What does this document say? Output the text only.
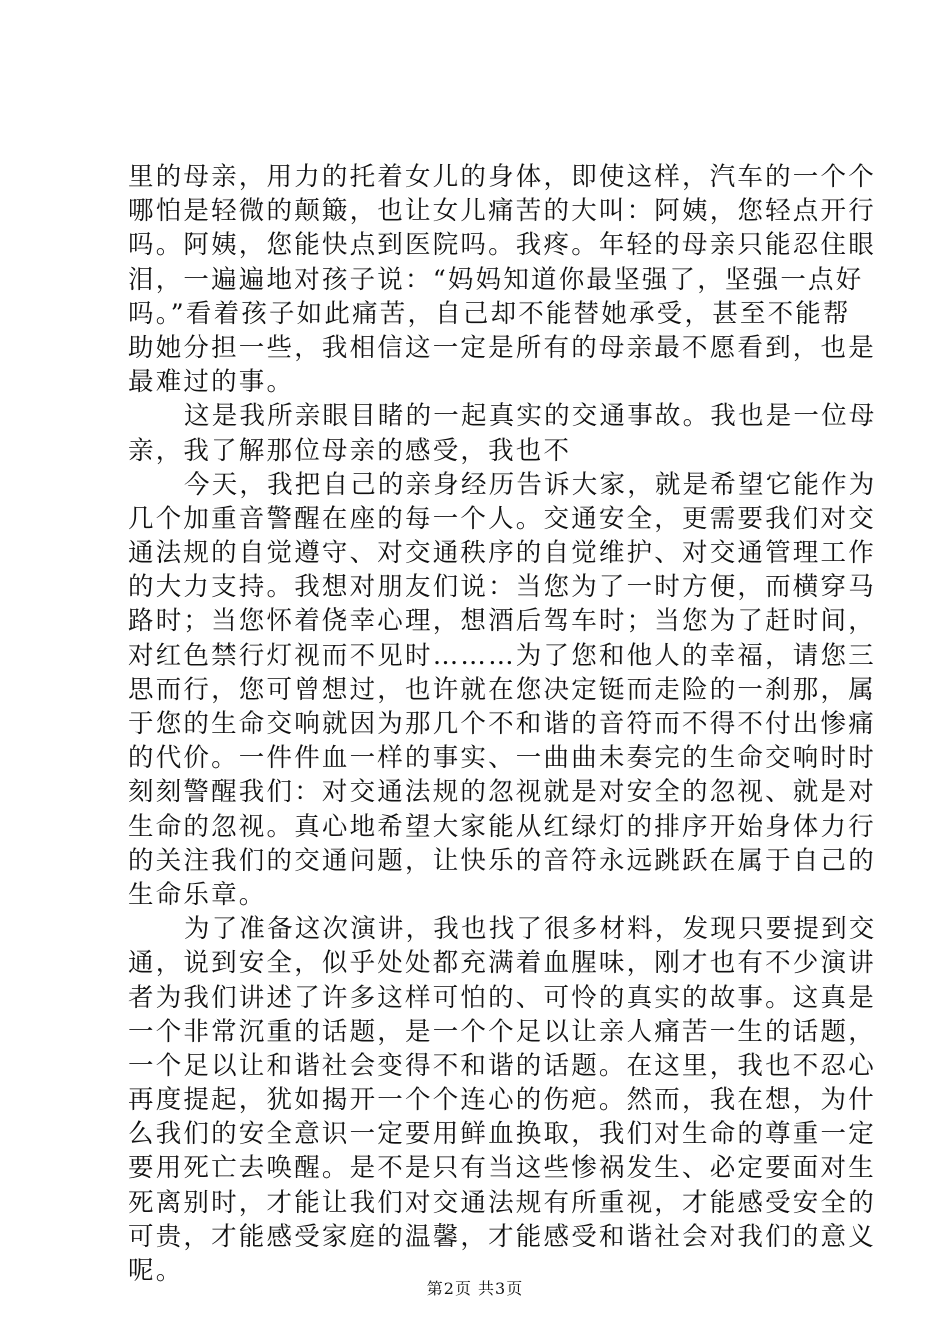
里的母亲，用力的托着女儿的身体，即使这样，汽车的一个个
哪怕是轻微的颠簸，也让女儿痛苦的大叫：阿姨，您轻点开行
吗。阿姨，您能快点到医院吗。我疼。年轻的母亲只能忍住眼
泪，一遍遍地对孩子说：“妈妈知道你最坚强了，坚强一点好
吗。”看着孩子如此痛苦，自己却不能替她承受，甚至不能帮
助她分担一些，我相信这一定是所有的母亲最不愿看到，也是
最难过的事。
这是我所亲眼目睹的一起真实的交通事故。我也是一位母
亲，我了解那位母亲的感受，我也不
今天，我把自己的亲身经历告诉大家，就是希望它能作为
几个加重音警醒在座的每一个人。交通安全，更需要我们对交
通法规的自觉遵守、对交通秩序的自觉维护、对交通管理工作
的大力支持。我想对朋友们说：当您为了一时方便，而横穿马
路时；当您怀着侥幸心理，想酒后驾车时；当您为了赶时间，
对红色禁行灯视而不见时………为了您和他人的幸福，请您三
思而行，您可曾想过，也许就在您决定铤而走险的一刹那，属
于您的生命交响就因为那几个不和谐的音符而不得不付出惨痛
的代价。一件件血一样的事实、一曲曲未奏完的生命交响时时
刻刻警醒我们：对交通法规的忽视就是对安全的忽视、就是对
生命的忽视。真心地希望大家能从红绿灯的排序开始身体力行
的关注我们的交通问题，让快乐的音符永远跳跃在属于自己的
生命乐章。
为了准备这次演讲，我也找了很多材料，发现只要提到交
通，说到安全，似乎处处都充满着血腥味，刚才也有不少演讲
者为我们讲述了许多这样可怕的、可怜的真实的故事。这真是
一个非常沉重的话题，是一个个足以让亲人痛苦一生的话题，
一个足以让和谐社会变得不和谐的话题。在这里，我也不忍心
再度提起，犹如揭开一个个连心的伤疤。然而，我在想，为什
么我们的安全意识一定要用鲜血换取，我们对生命的尊重一定
要用死亡去唤醒。是不是只有当这些惨祸发生、必定要面对生
死离别时，才能让我们对交通法规有所重视，才能感受安全的
可贵，才能感受家庭的温馨，才能感受和谐社会对我们的意义
呢。
第2页 共3页
